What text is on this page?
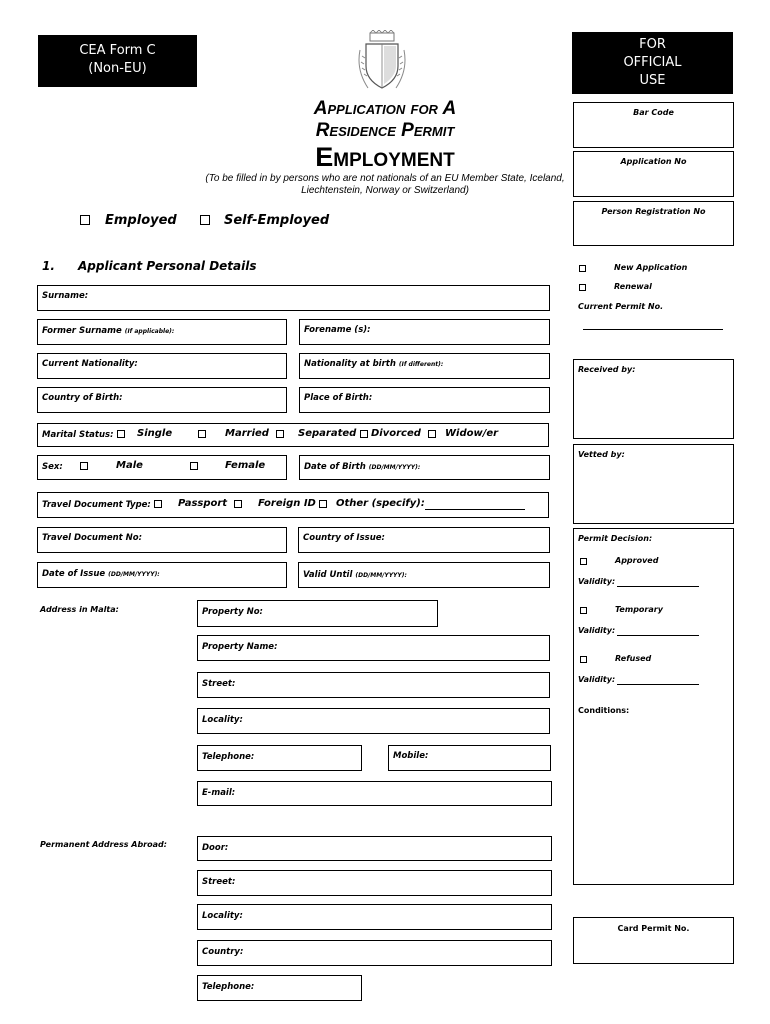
CEA Form C
(Non-EU)
FOR
OFFICIAL
USE
Application for A
Residence Permit
Employment
(To be filled in by persons who are not nationals of an EU Member State, Iceland,
Liechtenstein, Norway or Switzerland)
Employed	Self-Employed
1. Applicant Personal Details
Surname:
Former Surname (If applicable):	Forename (s):
Current Nationality:	Nationality at birth (If different):
Country of Birth:	Place of Birth:
Marital Status: Single	Married	Separated Divorced Widow/er
Sex:	Male	Female	Date of Birth (DD/MM/YYYY):
Travel Document Type:	Passport	Foreign ID Other (specify):
Travel Document No:	Country of Issue:
Date of Issue (DD/MM/YYYY):	Valid Until (DD/MM/YYYY):
Address in Malta:	Property No:
Property Name:
Street:
Locality:
Telephone:	Mobile:
E-mail:
Permanent Address Abroad:	Door:
Street:
Locality:
Country:
Telephone:
Bar Code
Application No
Person Registration No
New Application
Renewal
Current Permit No.
Received by:
Vetted by:
Permit Decision:
Approved
Validity:
Temporary
Validity:
Refused
Validity:
Conditions:
Card Permit No.
